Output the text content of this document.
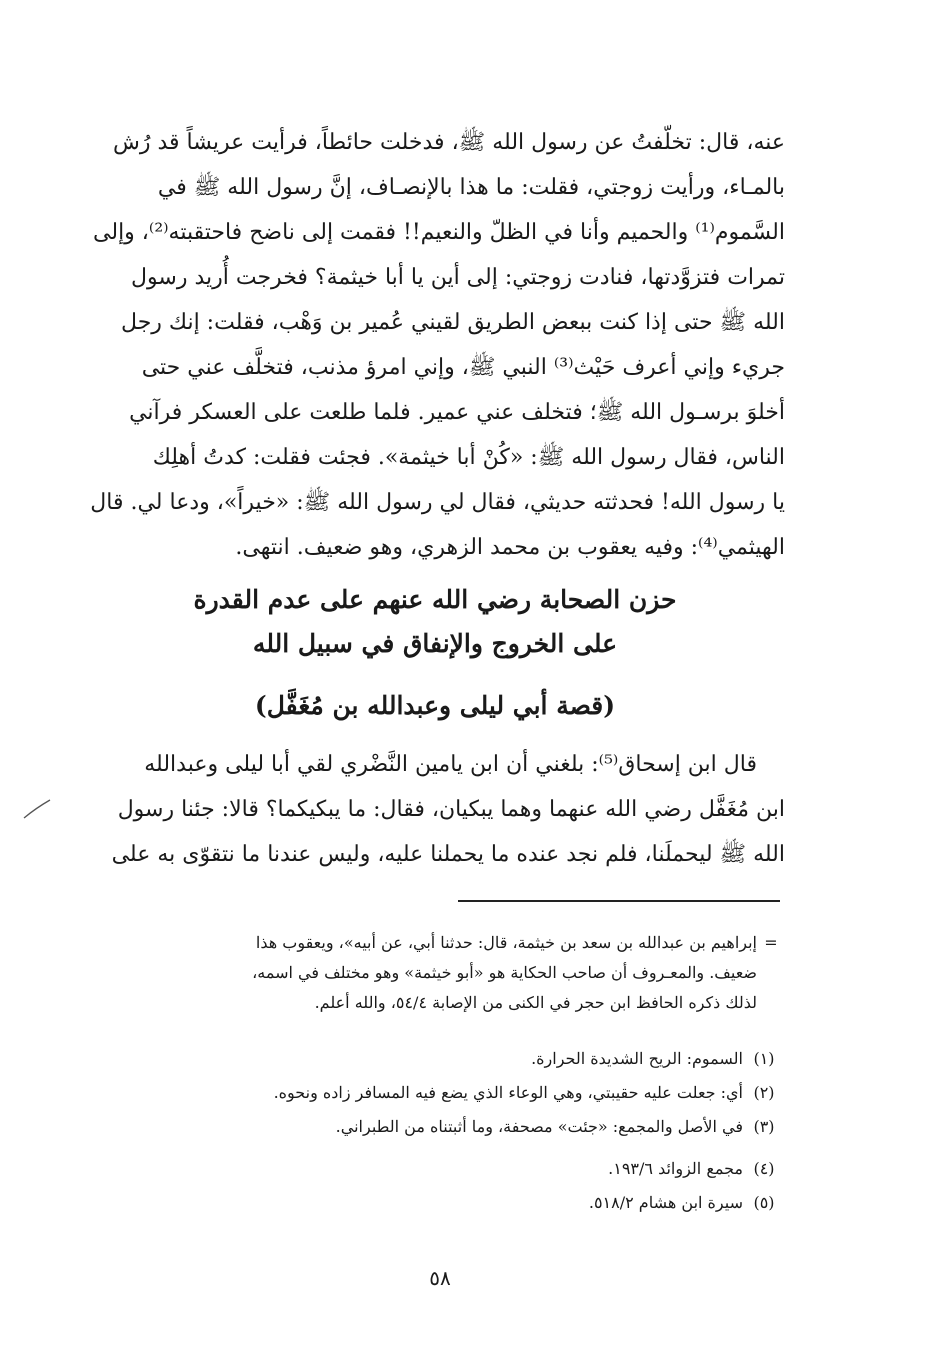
عنه، قال: تخلّفتُ عن رسول الله ﷺ، فدخلت حائطاً، فرأيت عريشاً قد رُش
بالمـاء، ورأيت زوجتي، فقلت: ما هذا بالإنصـاف، إنَّ رسول الله ﷺ في
السَّموم⁽¹⁾ والحميم وأنا في الظلّ والنعيم!! فقمت إلى ناضح فاحتقبته⁽²⁾، وإلى
تمرات فتزوَّدتها، فنادت زوجتي: إلى أين يا أبا خيثمة؟ فخرجت أُريد رسول
الله ﷺ حتى إذا كنت ببعض الطريق لقيني عُمير بن وَهْب، فقلت: إنك رجل
جريء وإني أعرف حَيْث⁽³⁾ النبي ﷺ، وإني امرؤ مذنب، فتخلَّف عني حتى
أخلوَ برسـول الله ﷺ؛ فتخلف عني عمير. فلما طلعت على العسكر فرآني
الناس، فقال رسول الله ﷺ: «كُنْ أبا خيثمة». فجئت فقلت: كدتُ أهلِك
يا رسول الله! فحدثته حديثي، فقال لي رسول الله ﷺ: «خيراً»، ودعا لي. قال
الهيثمي⁽⁴⁾: وفيه يعقوب بن محمد الزهري، وهو ضعيف. انتهى.
حزن الصحابة رضي الله عنهم على عدم القدرة
على الخروج والإنفاق في سبيل الله
(قصة أبي ليلى وعبدالله بن مُغَفَّل)
قال ابن إسحاق⁽⁵⁾: بلغني أن ابن يامين النَّضْري لقي أبا ليلى وعبدالله
ابن مُغَفَّل رضي الله عنهما وهما يبكيان، فقال: ما يبكيكما؟ قالا: جئنا رسول
الله ﷺ ليحملَنا، فلم نجد عنده ما يحملنا عليه، وليس عندنا ما نتقوّى به على
=إبراهيم بن عبدالله بن سعد بن خيثمة، قال: حدثنا أبي، عن أبيه»، ويعقوب هذا
ضعيف. والمعـروف أن صاحب الحكاية هو «أبو خيثمة» وهو مختلف في اسمه،
لذلك ذكره الحافظ ابن حجر في الكنى من الإصابة ٥٤/٤، والله أعلم.
(١)السموم: الريح الشديدة الحرارة.
(٢)أي: جعلت عليه حقيبتي، وهي الوعاء الذي يضع فيه المسافر زاده ونحوه.
(٣)في الأصل والمجمع: «جئت» مصحفة، وما أثبتناه من الطبراني.
(٤)مجمع الزوائد ١٩٣/٦.
(٥)سيرة ابن هشام ٥١٨/٢.
٥٨
